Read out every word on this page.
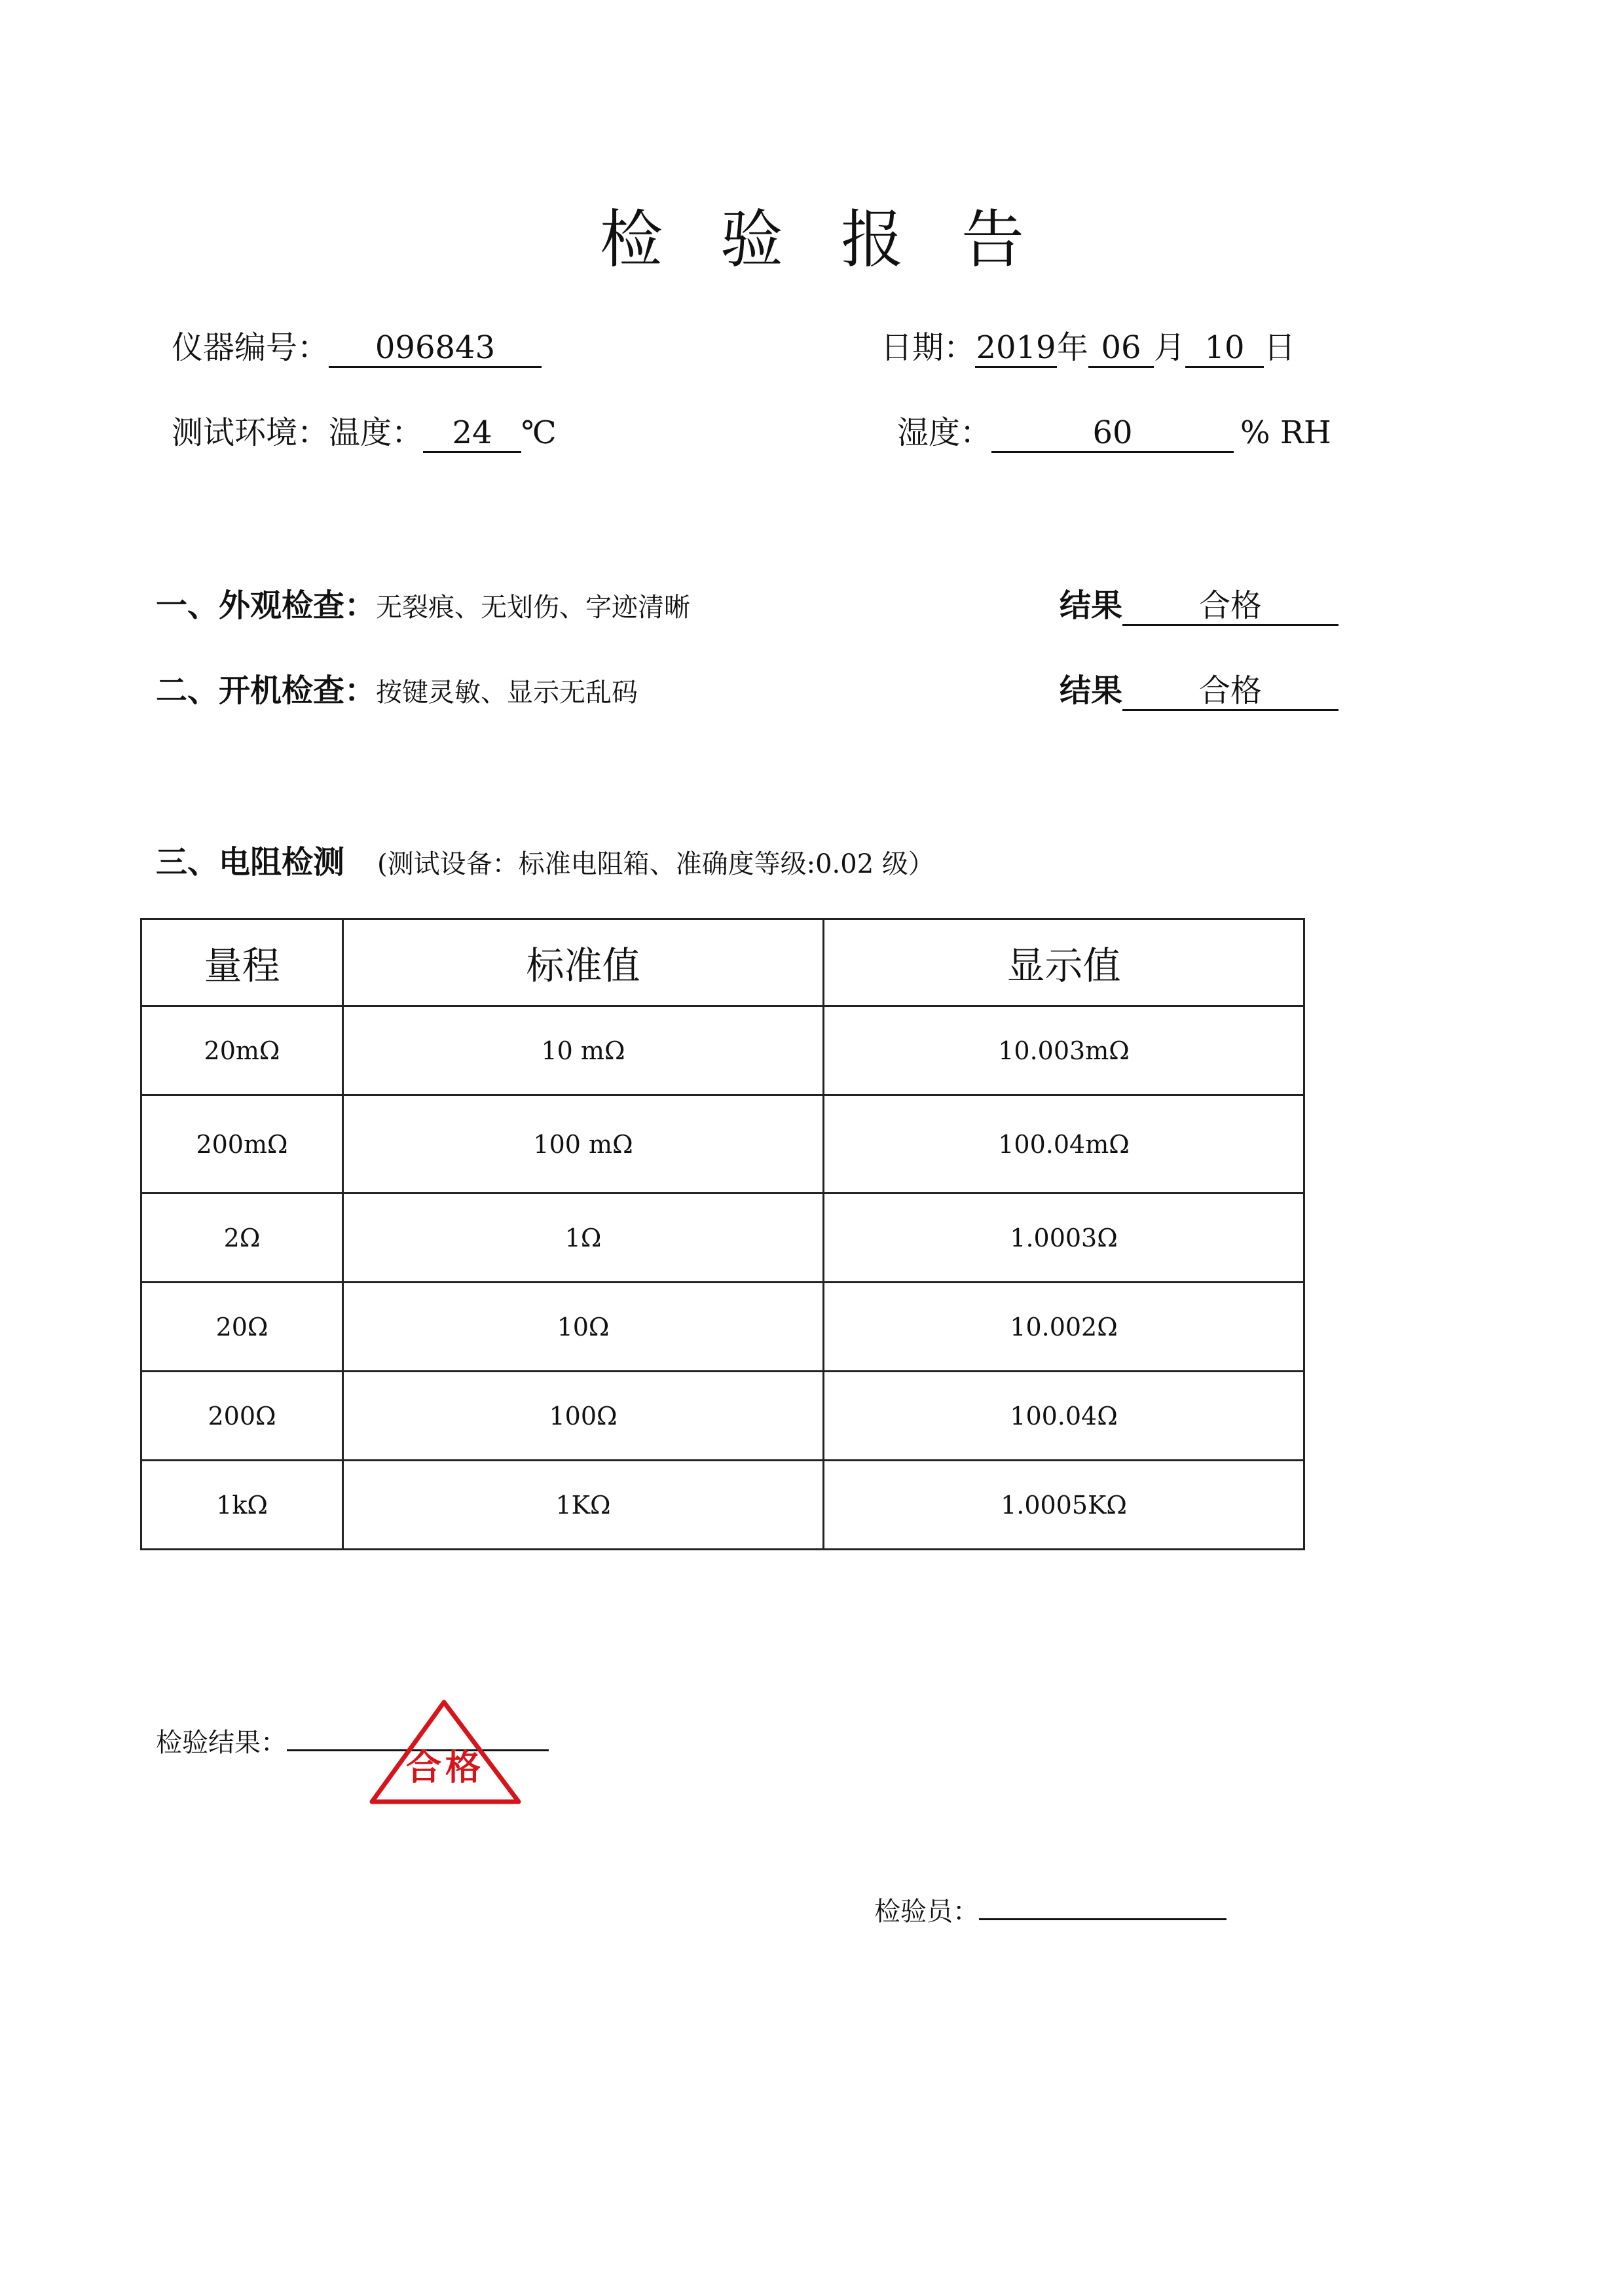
检验报告
仪器编号： 096843	日期：2019年 06 月 10 日
测试环境：温度： 24 ℃	湿度：	60	% RH
一、外观检查：无裂痕、无划伤、字迹清晰	结果 合格
二、开机检查：按键灵敏、显示无乱码	结果 合格
三、电阻检测 (测试设备：标准电阻箱、准确度等级:0.02 级）
量程	标准值	显示值
20mΩ	10 mΩ	10.003mΩ
200mΩ	100 mΩ	100.04mΩ
2Ω	1Ω	1.0003Ω
20Ω	10Ω	10.002Ω
200Ω	100Ω	100.04Ω
1kΩ	1KΩ	1.0005KΩ
检验结果：
合格
检验员：
